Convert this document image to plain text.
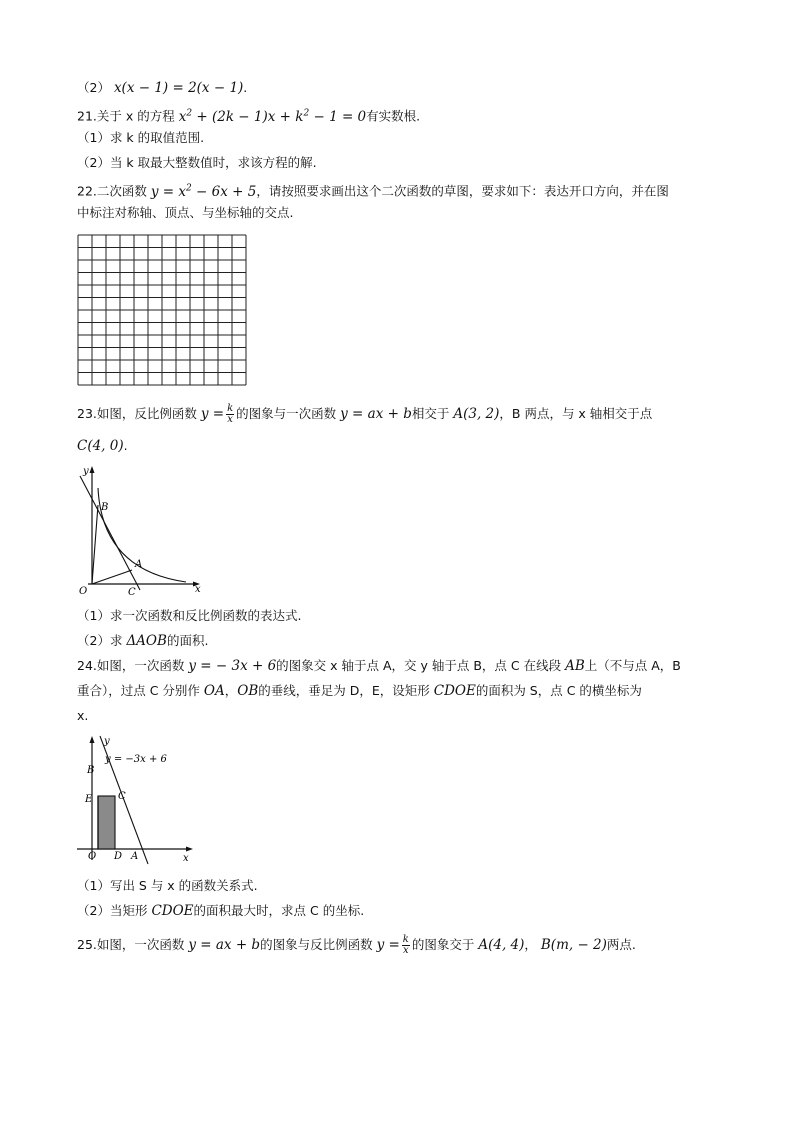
（2） x(x − 1) = 2(x − 1).
21.关于 x 的方程 $x^2 + (2k - 1)x + k^2 - 1 = 0$有实数根.
（1）求 k 的取值范围.
（2）当 k 取最大整数值时，求该方程的解.
22.二次函数 $y = x^2 - 6x + 5$，请按照要求画出这个二次函数的草图，要求如下：表达开口方向，并在图
中标注对称轴、顶点、与坐标轴的交点.
23.如图，反比例函数 $y = \frac{k}{x}$ 的图象与一次函数 y = ax + b相交于 A(3, 2)，B 两点，与 x 轴相交于点
C(4, 0).
y
x
O
B
A
C
（1）求一次函数和反比例函数的表达式.
（2）求 ΔAOB的面积.
24.如图，一次函数 y = − 3x + 6的图象交 x 轴于点 A，交 y 轴于点 B，点 C 在线段 AB上（不与点 A，B
重合），过点 C 分别作 OA，OB的垂线，垂足为 D，E，设矩形 CDOE的面积为 S，点 C 的横坐标为
x.
y
x
y = −3x + 6
B
E	C
O D A
（1）写出 S 与 x 的函数关系式.
（2）当矩形 CDOE的面积最大时，求点 C 的坐标.
25.如图，一次函数 y = ax + b的图象与反比例函数 $y = \frac{k}{x}$ 的图象交于 A(4, 4)， B(m, − 2)两点.
